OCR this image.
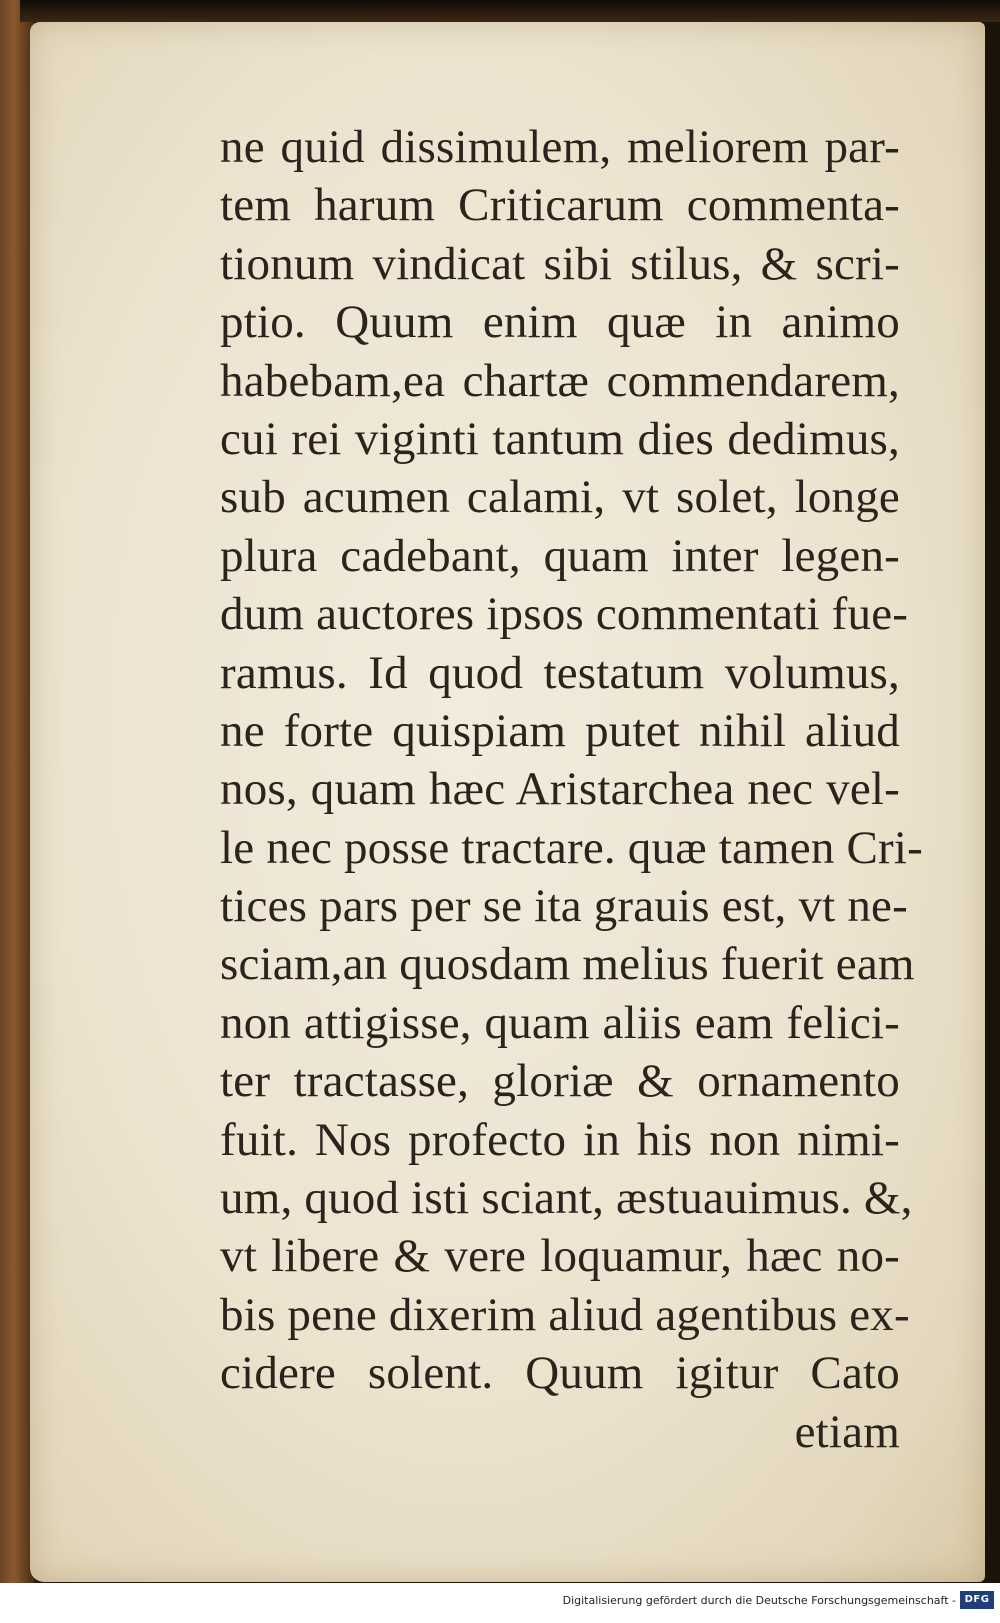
ne quid dissimulem, meliorem par-
tem harum Criticarum commenta-
tionum vindicat sibi stilus, & scri-
ptio. Quum enim quæ in animo
habebam,ea chartæ commendarem,
cui rei viginti tantum dies dedimus,
sub acumen calami, vt solet, longe
plura cadebant, quam inter legen-
dum auctores ipsos commentati fue-
ramus. Id quod testatum volumus,
ne forte quispiam putet nihil aliud
nos, quam hæc Aristarchea nec vel-
le nec posse tractare. quæ tamen Cri-
tices pars per se ita grauis est, vt ne-
sciam,an quosdam melius fuerit eam
non attigisse, quam aliis eam felici-
ter tractasse, gloriæ & ornamento
fuit. Nos profecto in his non nimi-
um, quod isti sciant, æstuauimus. &,
vt libere & vere loquamur, hæc no-
bis pene dixerim aliud agentibus ex-
cidere solent. Quum igitur Cato
etiam
Digitalisierung gefördert durch die Deutsche Forschungsgemeinschaft - DFG
